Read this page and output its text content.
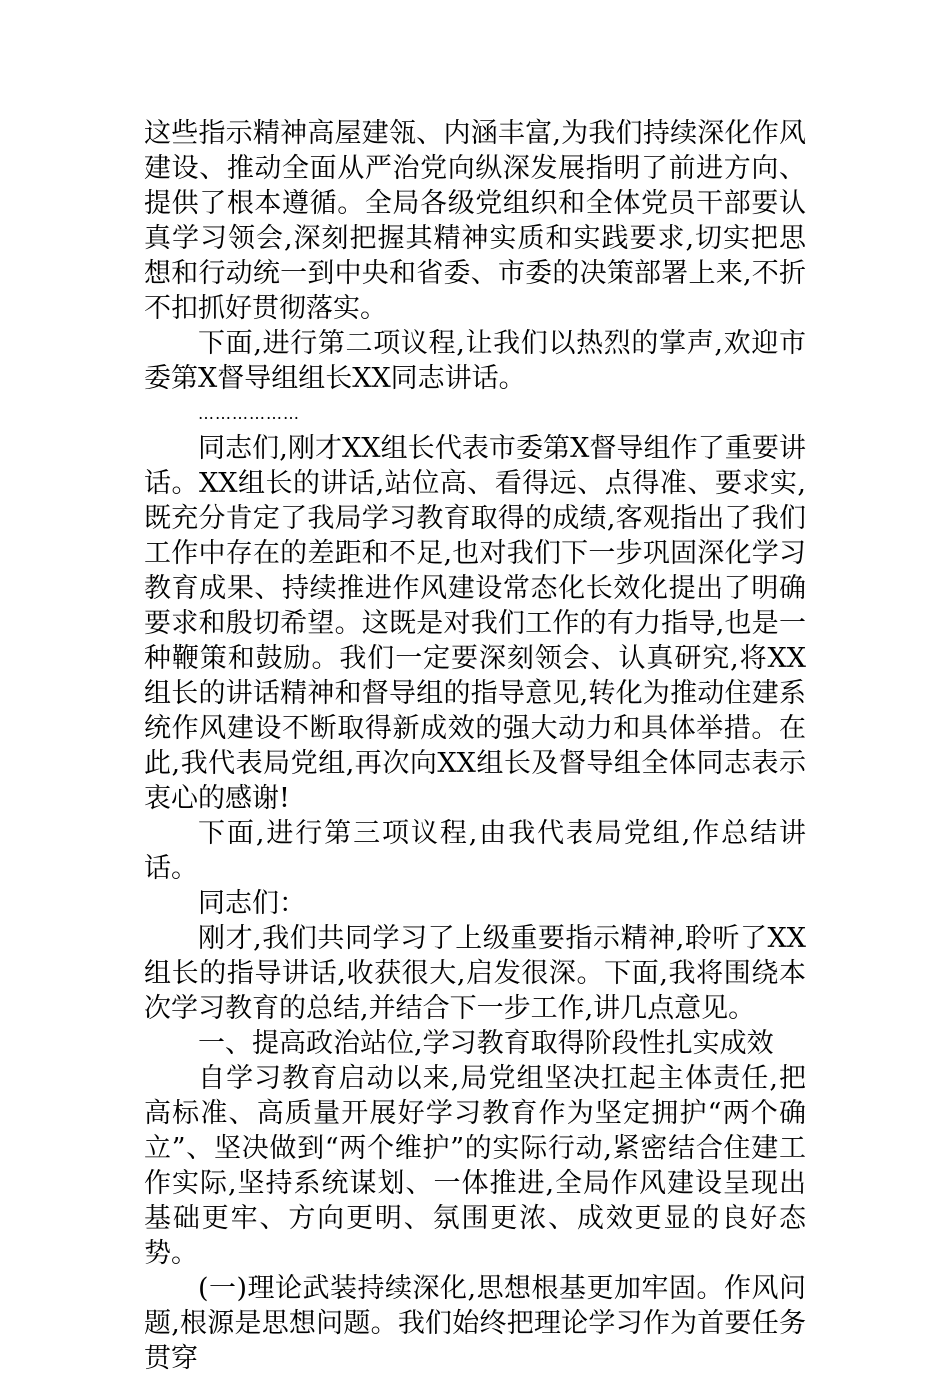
这些指示精神高屋建瓴、内涵丰富,为我们持续深化作风建设、推动全面从严治党向纵深发展指明了前进方向、提供了根本遵循。全局各级党组织和全体党员干部要认真学习领会,深刻把握其精神实质和实践要求,切实把思想和行动统一到中央和省委、市委的决策部署上来,不折不扣抓好贯彻落实。

下面,进行第二项议程,让我们以热烈的掌声,欢迎市委第X督导组组长XX同志讲话。

………………

同志们,刚才XX组长代表市委第X督导组作了重要讲话。XX组长的讲话,站位高、看得远、点得准、要求实,既充分肯定了我局学习教育取得的成绩,客观指出了我们工作中存在的差距和不足,也对我们下一步巩固深化学习教育成果、持续推进作风建设常态化长效化提出了明确要求和殷切希望。这既是对我们工作的有力指导,也是一种鞭策和鼓励。我们一定要深刻领会、认真研究,将XX组长的讲话精神和督导组的指导意见,转化为推动住建系统作风建设不断取得新成效的强大动力和具体举措。在此,我代表局党组,再次向XX组长及督导组全体同志表示衷心的感谢!

下面,进行第三项议程,由我代表局党组,作总结讲话。

同志们：

刚才,我们共同学习了上级重要指示精神,聆听了XX组长的指导讲话,收获很大,启发很深。下面,我将围绕本次学习教育的总结,并结合下一步工作,讲几点意见。

一、提高政治站位,学习教育取得阶段性扎实成效

自学习教育启动以来,局党组坚决扛起主体责任,把高标准、高质量开展好学习教育作为坚定拥护“两个确立”、坚决做到“两个维护”的实际行动,紧密结合住建工作实际,坚持系统谋划、一体推进,全局作风建设呈现出基础更牢、方向更明、氛围更浓、成效更显的良好态势。

(一)理论武装持续深化,思想根基更加牢固。作风问题,根源是思想问题。我们始终把理论学习作为首要任务贯穿
